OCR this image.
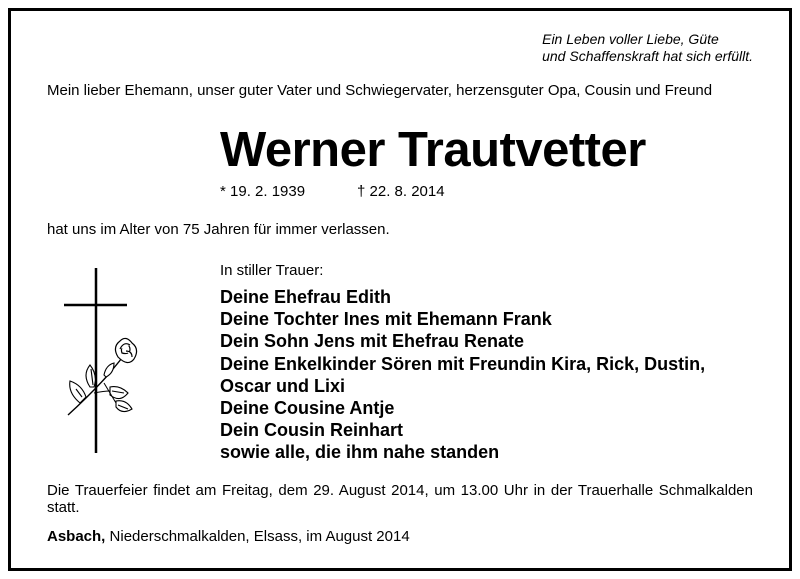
Ein Leben voller Liebe, Güte
und Schaffenskraft hat sich erfüllt.
Mein lieber Ehemann, unser guter Vater und Schwiegervater, herzensguter Opa, Cousin und Freund
Werner Trautvetter
* 19. 2. 1939	† 22. 8. 2014
hat uns im Alter von 75 Jahren für immer verlassen.
In stiller Trauer:
Deine Ehefrau Edith
Deine Tochter Ines mit Ehemann Frank
Dein Sohn Jens mit Ehefrau Renate
Deine Enkelkinder Sören mit Freundin Kira, Rick, Dustin,
Oscar und Lixi
Deine Cousine Antje
Dein Cousin Reinhart
sowie alle, die ihm nahe standen
Die Trauerfeier findet am Freitag, dem 29. August 2014, um 13.00 Uhr in der Trauerhalle Schmalkalden statt.
Asbach, Niederschmalkalden, Elsass, im August 2014
